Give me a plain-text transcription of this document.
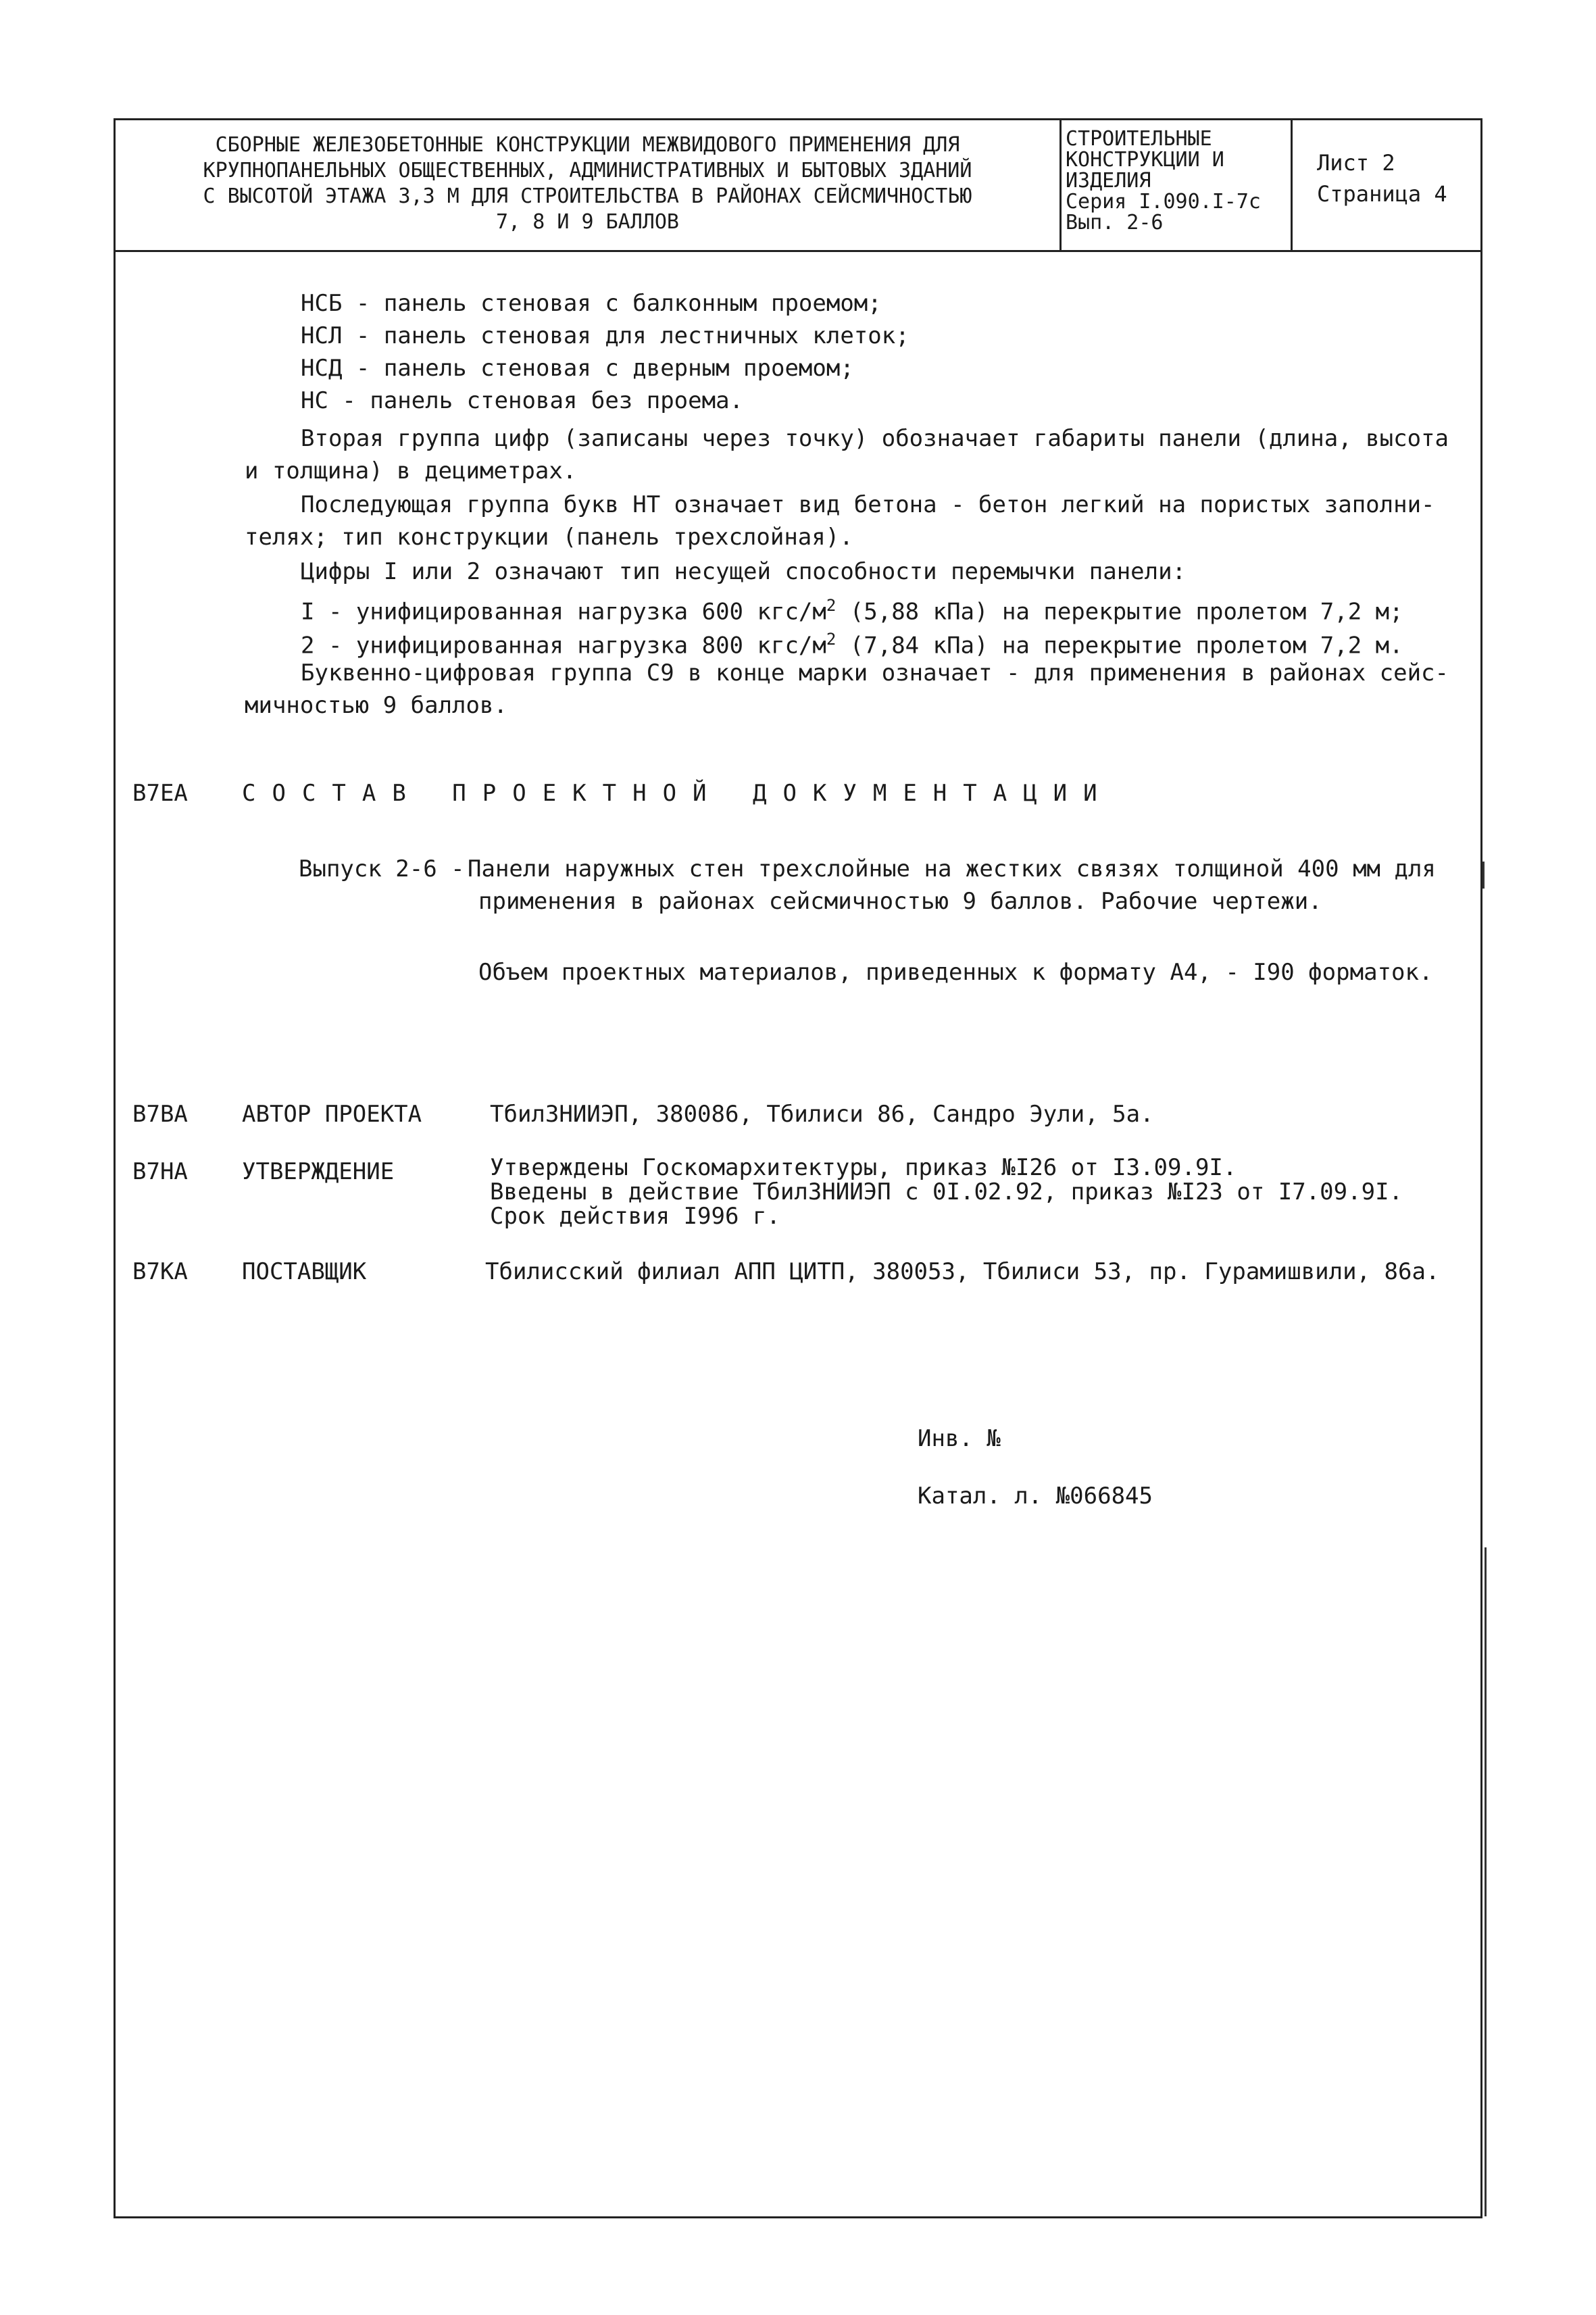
СБОРНЫЕ ЖЕЛЕЗОБЕТОННЫЕ КОНСТРУКЦИИ МЕЖВИДОВОГО ПРИМЕНЕНИЯ ДЛЯ
КРУПНОПАНЕЛЬНЫХ ОБЩЕСТВЕННЫХ, АДМИНИСТРАТИВНЫХ И БЫТОВЫХ ЗДАНИЙ
С ВЫСОТОЙ ЭТАЖА 3,3 М ДЛЯ СТРОИТЕЛЬСТВА В РАЙОНАХ СЕЙСМИЧНОСТЬЮ
7, 8 И 9 БАЛЛОВ
СТРОИТЕЛЬНЫЕ
КОНСТРУКЦИИ И
ИЗДЕЛИЯ
Серия I.090.I-7с
Вып. 2-6
Лист 2
Страница 4
НСБ - панель стеновая с балконным проемом;
НСЛ - панель стеновая для лестничных клеток;
НСД - панель стеновая с дверным проемом;
НС - панель стеновая без проема.
Вторая группа цифр (записаны через точку) обозначает габариты панели (длина, высота
и толщина) в дециметрах.
Последующая группа букв НТ означает вид бетона - бетон легкий на пористых заполни-
телях; тип конструкции (панель трехслойная).
Цифры I или 2 означают тип несущей способности перемычки панели:
I - унифицированная нагрузка 600 кгс/$м^2$ (5,88 кПа) на перекрытие пролетом 7,2 м;
2 - унифицированная нагрузка 800 кгс/$м^2$ (7,84 кПа) на перекрытие пролетом 7,2 м.
Буквенно-цифровая группа С9 в конце марки означает - для применения в районах сейс-
мичностью 9 баллов.
В7ЕА СОСТАВ ПРОЕКТНОЙ ДОКУМЕНТАЦИИ
Выпуск 2-6 - Панели наружных стен трехслойные на жестких связях толщиной 400 мм для
применения в районах сейсмичностью 9 баллов. Рабочие чертежи.
Объем проектных материалов, приведенных к формату А4, - I90 форматок.
В7ВА АВТОР ПРОЕКТА	ТбилЗНИИЭП, 380086, Тбилиси 86, Сандро Эули, 5а.
В7НА УТВЕРЖДЕНИЕ	Утверждены Госкомархитектуры, приказ №I26 от I3.09.9I.
Введены в действие ТбилЗНИИЭП с 0I.02.92, приказ №I23 от I7.09.9I.
Срок действия I996 г.
В7КА ПОСТАВЩИК	Тбилисский филиал АПП ЦИТП, 380053, Тбилиси 53, пр. Гурамишвили, 86а.
Инв. №
Катал. л. №066845
